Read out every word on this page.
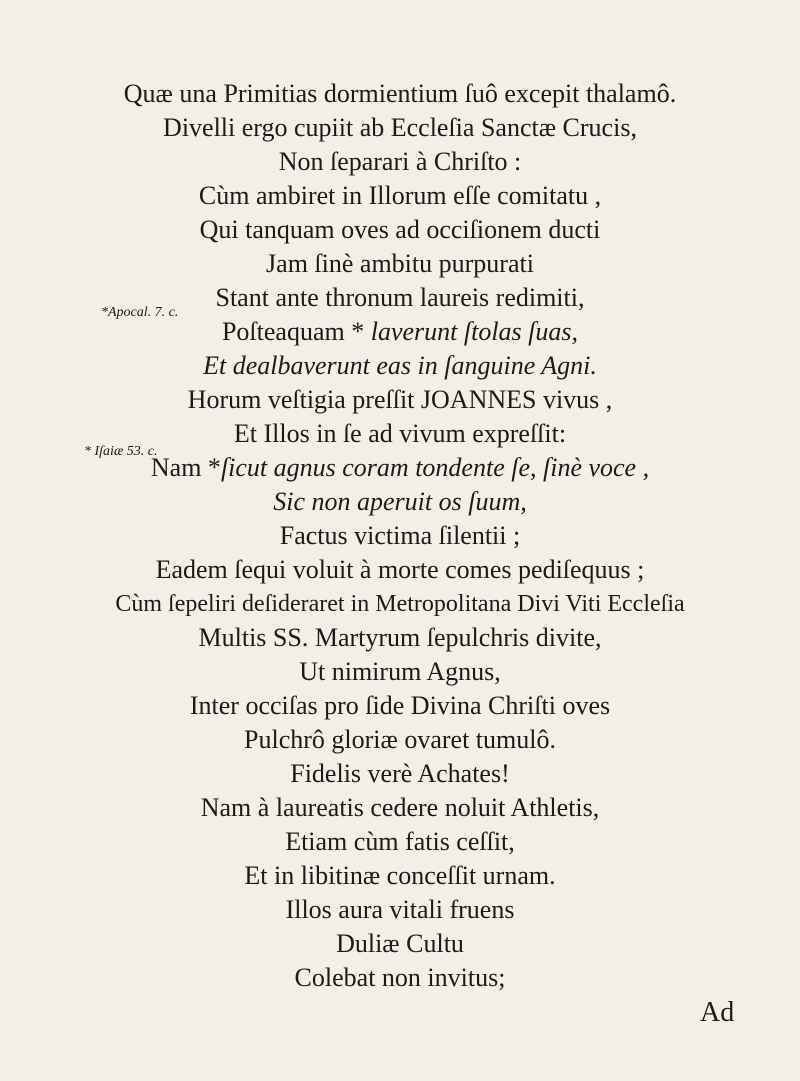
Quæ una Primitias dormientium ſuô excepit thalamô.
Divelli ergo cupiit ab Eccleſia Sanctæ Crucis,
Non ſeparari à Chriſto :
Cùm ambiret in Illorum eſſe comitatu ,
Qui tanquam oves ad occiſionem ducti
Jam ſinè ambitu purpurati
Stant ante thronum laureis redimiti,
*Apocal. 7. c.
Poſteaquam * laverunt ſtolas ſuas,
Et dealbaverunt eas in ſanguine Agni.
Horum veſtigia preſſit JOANNES vivus ,
Et Illos in ſe ad vivum expreſſit:
* Iſaiæ 53. c.
Nam *ſicut agnus coram tondente ſe, ſinè voce ,
Sic non aperuit os ſuum,
Factus victima ſilentii ;
Eadem ſequi voluit à morte comes pediſequus ;
Cùm ſepeliri deſideraret in Metropolitana Divi Viti Eccleſia
Multis SS. Martyrum ſepulchris divite,
Ut nimirum Agnus,
Inter occiſas pro ſide Divina Chriſti oves
Pulchrô gloriæ ovaret tumulô.
Fidelis verè Achates!
Nam à laureatis cedere noluit Athletis,
Etiam cùm fatis ceſſit,
Et in libitinæ conceſſit urnam.
Illos aura vitali fruens
Duliæ Cultu
Colebat non invitus;
Ad
